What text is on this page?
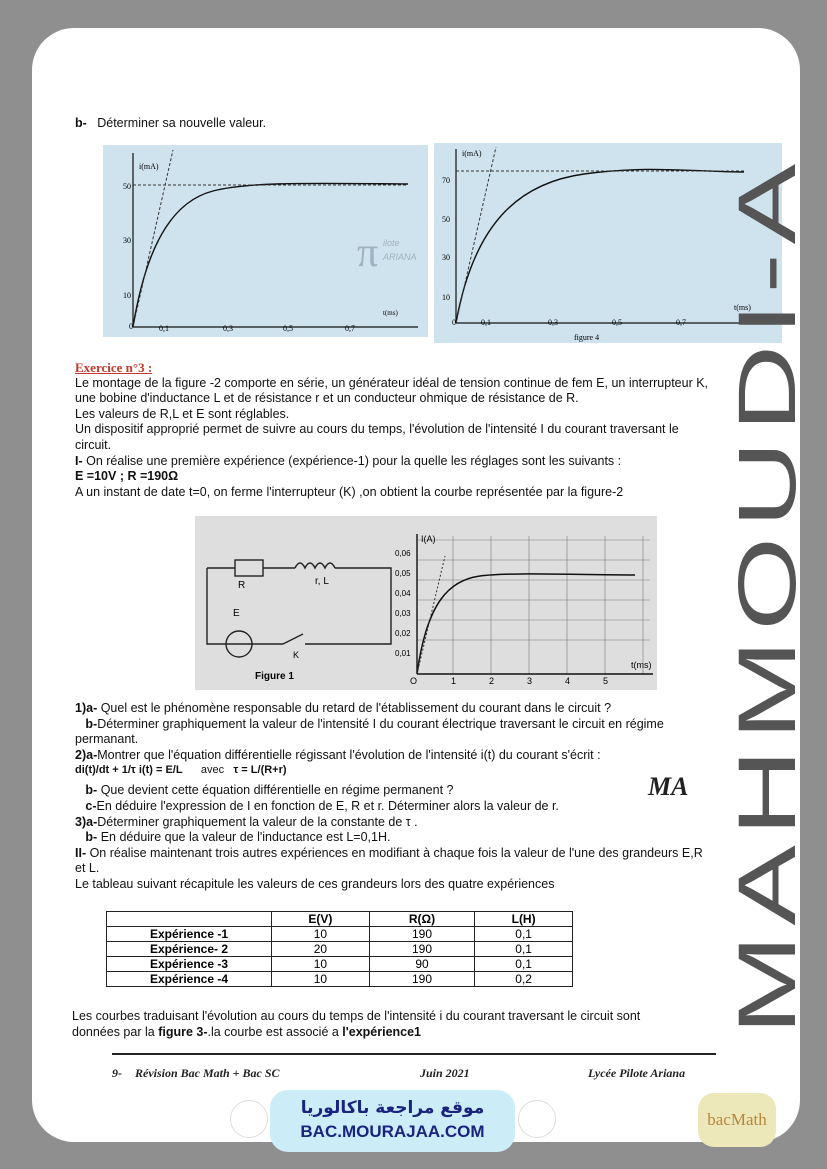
b- Déterminer sa nouvelle valeur.
i(mA)
t(ms)
50
30
10
0	0,1	0,3	0,5	0,7
π ilote
ARIANA
i(mA)
t(ms)
figure 4
70
50
30
10
0	0,1	0,3	0,5	0,7
MAHMOUDI-A
Exercice n°3 :
Le montage de la figure -2 comporte en série, un générateur idéal de tension continue de fem E, un interrupteur K, une bobine d'inductance L et de résistance r et un conducteur ohmique de résistance de R.
Les valeurs de R,L et E sont réglables.
Un dispositif approprié permet de suivre au cours du temps, l'évolution de l'intensité I du courant traversant le circuit.
I- On réalise une première expérience (expérience-1) pour la quelle les réglages sont les suivants :
E =10V ; R =190Ω
A un instant de date t=0, on ferme l'interrupteur (K) ,on obtient la courbe représentée par la figure-2
R	r, L
E
K
Figure 1
I(A)
t(ms)
0,06
0,05
0,04
0,03
0,02
0,01
O	1	2	3	4	5
1)a- Quel est le phénomène responsable du retard de l'établissement du courant dans le circuit ?
b-Déterminer graphiquement la valeur de l'intensité I du courant électrique traversant le circuit en régime permanant.
2)a-Montrer que l'équation différentielle régissant l'évolution de l'intensité i(t) du courant s'écrit :
di(t)/dt + 1/τ i(t) = E/L avec τ = L/(R+r)
b- Que devient cette équation différentielle en régime permanent ?
c-En déduire l'expression de I en fonction de E, R et r. Déterminer alors la valeur de r.
3)a-Déterminer graphiquement la valeur de la constante de τ .
b- En déduire que la valeur de l'inductance est L=0,1H.
II- On réalise maintenant trois autres expériences en modifiant à chaque fois la valeur de l'une des grandeurs E,R et L.
Le tableau suivant récapitule les valeurs de ces grandeurs lors des quatre expériences
MA
	E(V)	R(Ω)	L(H)
Expérience -1	10	190	0,1
Expérience- 2	20	190	0,1
Expérience -3	10	90	0,1
Expérience -4	10	190	0,2
Les courbes traduisant l'évolution au cours du temps de l'intensité i du courant traversant le circuit sont
données par la figure 3-.la courbe est associé a l'expérience1
9- Révision Bac Math + Bac SC	Juin 2021	Lycée Pilote Ariana
موقع مراجعة باكالوريا
BAC.MOURAJAA.COM
bacMath
